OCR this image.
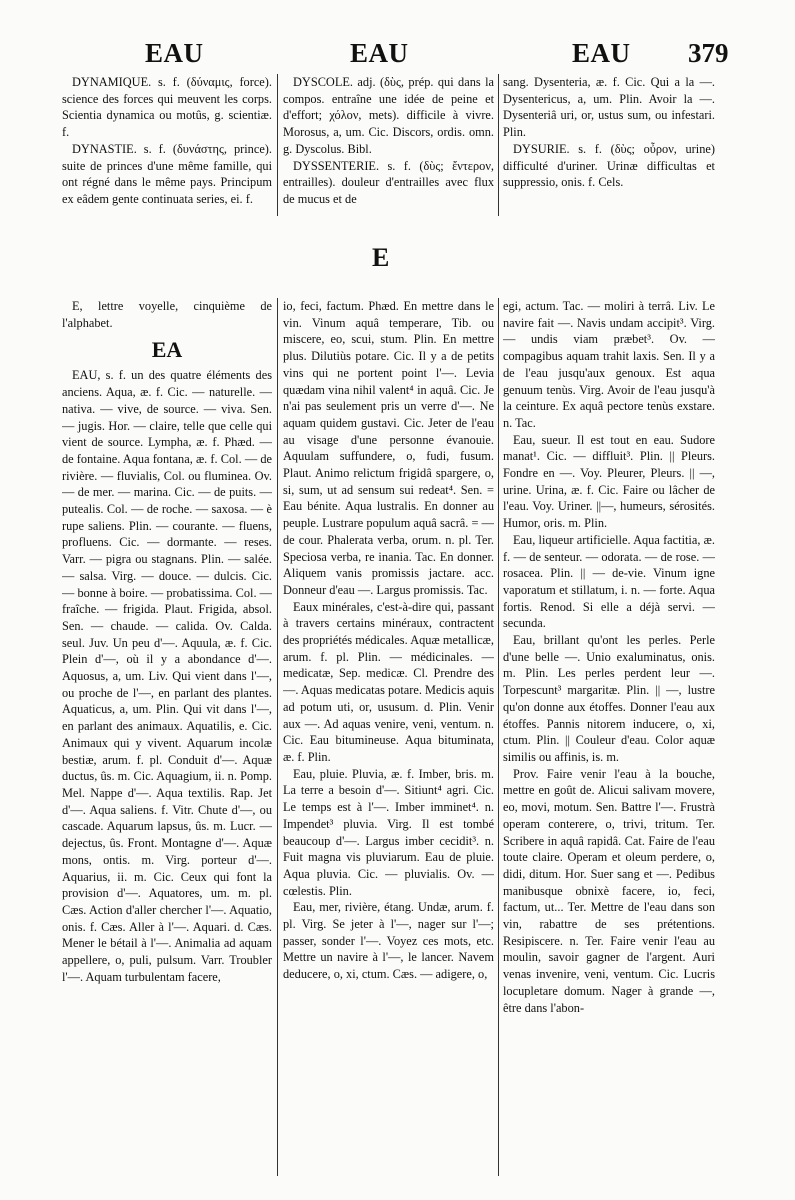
EAU	EAU	EAU 379

DYNAMIQUE. s. f. (δύναμις, force). science des forces qui meuvent les corps. Scientia dynamica ou motûs, g. scientiæ. f.

DYNASTIE. s. f. (δυνάστης, prince). suite de princes d'une même famille, qui ont régné dans le même pays. Principum ex eâdem gente continuata series, ei. f.

DYSCOLE. adj. (δὺς, prép. qui dans la compos. entraîne une idée de peine et d'effort; χόλον, mets). difficile à vivre. Morosus, a, um. Cic. Discors, ordis. omn. g. Dyscolus. Bibl.

DYSSENTERIE. s. f. (δὺς; ἔντερον, entrailles). douleur d'entrailles avec flux de mucus et de

sang. Dysenteria, æ. f. Cic. Qui a la —. Dysentericus, a, um. Plin. Avoir la —. Dysenteriâ uri, or, ustus sum, ou infestari. Plin.

DYSURIE. s. f. (δὺς; οὖρον, urine) difficulté d'uriner. Urinæ difficultas et suppressio, onis. f. Cels.

E

E, lettre voyelle, cinquième de l'alphabet.

EA

EAU, s. f. un des quatre éléments des anciens. Aqua, æ. f. Cic. — naturelle. — nativa. — vive, de source. — viva. Sen. — jugis. Hor. — claire, telle que celle qui vient de source. Lympha, æ. f. Phæd. — de fontaine. Aqua fontana, æ. f. Col. — de rivière. — fluvialis, Col. ou fluminea. Ov. — de mer. — marina. Cic. — de puits. — putealis. Col. — de roche. — saxosa. — è rupe saliens. Plin. — courante. — fluens, profluens. Cic. — dormante. — reses. Varr. — pigra ou stagnans. Plin. — salée. — salsa. Virg. — douce. — dulcis. Cic. — bonne à boire. — probatissima. Col. — fraîche. — frigida. Plaut. Frigida, absol. Sen. — chaude. — calida. Ov. Calda. seul. Juv. Un peu d'—. Aquula, æ. f. Cic. Plein d'—, où il y a abondance d'—. Aquosus, a, um. Liv. Qui vient dans l'—, ou proche de l'—, en parlant des plantes. Aquaticus, a, um. Plin. Qui vit dans l'—, en parlant des animaux. Aquatilis, e. Cic. Animaux qui y vivent. Aquarum incolæ bestiæ, arum. f. pl. Conduit d'—. Aquæ ductus, ûs. m. Cic. Aquagium, ii. n. Pomp. Mel. Nappe d'—. Aqua textilis. Rap. Jet d'—. Aqua saliens. f. Vitr. Chute d'—, ou cascade. Aquarum lapsus, ûs. m. Lucr. — dejectus, ûs. Front. Montagne d'—. Aquæ mons, ontis. m. Virg. porteur d'—. Aquarius, ii. m. Cic. Ceux qui font la provision d'—. Aquatores, um. m. pl. Cæs. Action d'aller chercher l'—. Aquatio, onis. f. Cæs. Aller à l'—. Aquari. d. Cæs. Mener le bétail à l'—. Animalia ad aquam appellere, o, puli, pulsum. Varr. Troubler l'—. Aquam turbulentam facere,

io, feci, factum. Phæd. En mettre dans le vin. Vinum aquâ temperare, Tib. ou miscere, eo, scui, stum. Plin. En mettre plus. Dilutiùs potare. Cic. Il y a de petits vins qui ne portent point l'—. Levia quædam vina nihil valent⁴ in aquâ. Cic. Je n'ai pas seulement pris un verre d'—. Ne aquam quidem gustavi. Cic. Jeter de l'eau au visage d'une personne évanouie. Aquulam suffundere, o, fudi, fusum. Plaut. Animo relictum frigidâ spargere, o, si, sum, ut ad sensum sui redeat⁴. Sen. = Eau bénite. Aqua lustralis. En donner au peuple. Lustrare populum aquâ sacrâ. = — de cour. Phalerata verba, orum. n. pl. Ter. Speciosa verba, re inania. Tac. En donner. Aliquem vanis promissis jactare. acc. Donneur d'eau —. Largus promissis. Tac.

Eaux minérales, c'est-à-dire qui, passant à travers certains minéraux, contractent des propriétés médicales. Aquæ metallicæ, arum. f. pl. Plin. — médicinales. — medicatæ, Sep. medicæ. Cl. Prendre des —. Aquas medicatas potare. Medicis aquis ad potum uti, or, ususum. d. Plin. Venir aux —. Ad aquas venire, veni, ventum. n. Cic. Eau bitumineuse. Aqua bituminata, æ. f. Plin.

Eau, pluie. Pluvia, æ. f. Imber, bris. m. La terre a besoin d'—. Sitiunt⁴ agri. Cic. Le temps est à l'—. Imber imminet⁴. n. Impendet³ pluvia. Virg. Il est tombé beaucoup d'—. Largus imber cecidit³. n. Fuit magna vis pluviarum. Eau de pluie. Aqua pluvia. Cic. — pluvialis. Ov. — cœlestis. Plin.

Eau, mer, rivière, étang. Undæ, arum. f. pl. Virg. Se jeter à l'—, nager sur l'—; passer, sonder l'—. Voyez ces mots, etc. Mettre un navire à l'—, le lancer. Navem deducere, o, xi, ctum. Cæs. — adigere, o,

egi, actum. Tac. — moliri à terrâ. Liv. Le navire fait —. Navis undam accipit³. Virg. — undis viam præbet³. Ov. — compagibus aquam trahit laxis. Sen. Il y a de l'eau jusqu'aux genoux. Est aqua genuum tenùs. Virg. Avoir de l'eau jusqu'à la ceinture. Ex aquâ pectore tenùs exstare. n. Tac.

Eau, sueur. Il est tout en eau. Sudore manat¹. Cic. — diffluit³. Plin. || Pleurs. Fondre en —. Voy. Pleurer, Pleurs. || —, urine. Urina, æ. f. Cic. Faire ou lâcher de l'eau. Voy. Uriner. ||—, humeurs, sérosités. Humor, oris. m. Plin.

Eau, liqueur artificielle. Aqua factitia, æ. f. — de senteur. — odorata. — de rose. — rosacea. Plin. || — de-vie. Vinum igne vaporatum et stillatum, i. n. — forte. Aqua fortis. Renod. Si elle a déjà servi. — secunda.

Eau, brillant qu'ont les perles. Perle d'une belle —. Unio exaluminatus, onis. m. Plin. Les perles perdent leur —. Torpescunt³ margaritæ. Plin. || —, lustre qu'on donne aux étoffes. Donner l'eau aux étoffes. Pannis nitorem inducere, o, xi, ctum. Plin. || Couleur d'eau. Color aquæ similis ou affinis, is. m.

Prov. Faire venir l'eau à la bouche, mettre en goût de. Alicui salivam movere, eo, movi, motum. Sen. Battre l'—. Frustrà operam conterere, o, trivi, tritum. Ter. Scribere in aquâ rapidâ. Cat. Faire de l'eau toute claire. Operam et oleum perdere, o, didi, ditum. Hor. Suer sang et —. Pedibus manibusque obnixè facere, io, feci, factum, ut... Ter. Mettre de l'eau dans son vin, rabattre de ses prétentions. Resipiscere. n. Ter. Faire venir l'eau au moulin, savoir gagner de l'argent. Auri venas invenire, veni, ventum. Cic. Lucris locupletare domum. Nager à grande —, être dans l'abon-
